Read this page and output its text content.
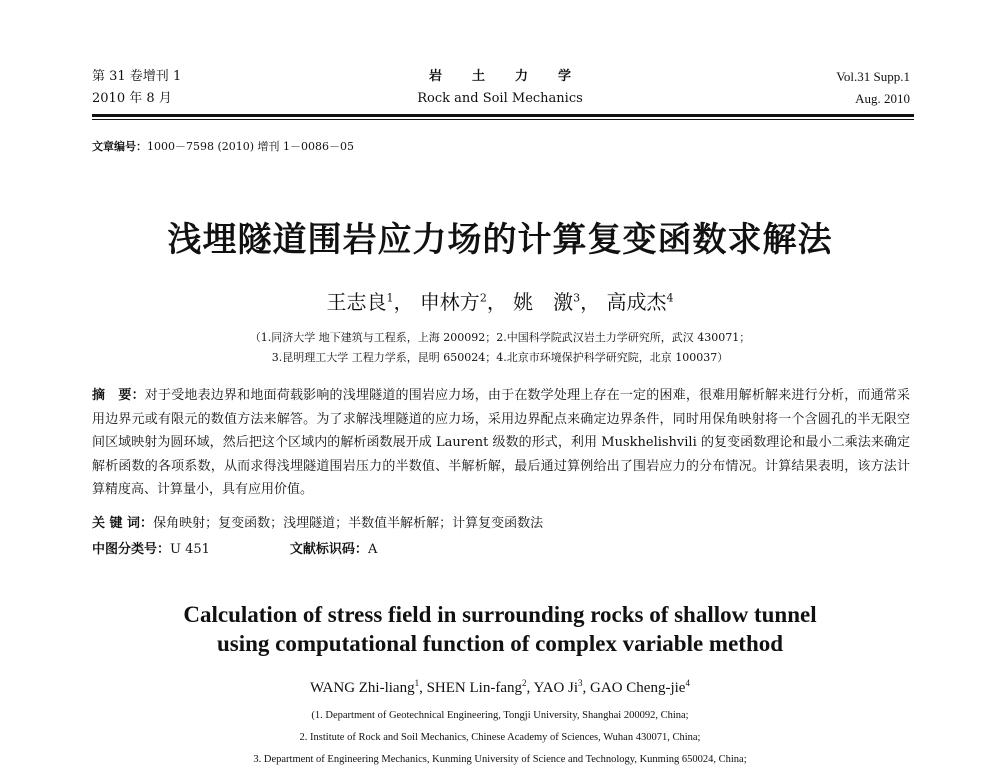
第 31 卷增刊 1
2010 年 8 月
岩土力学
Rock and Soil Mechanics
Vol.31 Supp.1
Aug. 2010
文章编号：1000－7598 (2010) 增刊 1－0086－05
浅埋隧道围岩应力场的计算复变函数求解法
王志良$^1$， 申林方$^2$， 姚　激$^3$， 高成杰$^4$
（1.同济大学 地下建筑与工程系，上海 200092；2.中国科学院武汉岩土力学研究所，武汉 430071；
3.昆明理工大学 工程力学系，昆明 650024；4.北京市环境保护科学研究院，北京 100037）
摘　要：对于受地表边界和地面荷载影响的浅埋隧道的围岩应力场，由于在数学处理上存在一定的困难，很难用解析解来进行分析，而通常采用边界元或有限元的数值方法来解答。为了求解浅埋隧道的应力场，采用边界配点来确定边界条件，同时用保角映射将一个含圆孔的半无限空间区域映射为圆环域，然后把这个区域内的解析函数展开成 Laurent 级数的形式，利用 Muskhelishvili 的复变函数理论和最小二乘法来确定解析函数的各项系数，从而求得浅埋隧道围岩压力的半数值、半解析解，最后通过算例给出了围岩应力的分布情况。计算结果表明，该方法计算精度高、计算量小，具有应用价值。
关 键 词：保角映射；复变函数；浅埋隧道；半数值半解析解；计算复变函数法
中图分类号：U 451	文献标识码：A
Calculation of stress field in surrounding rocks of shallow tunnel
using computational function of complex variable method
WANG Zhi-liang$^1$, SHEN Lin-fang$^2$, YAO Ji$^3$, GAO Cheng-jie$^4$
(1. Department of Geotechnical Engineering, Tongji University, Shanghai 200092, China;
2. Institute of Rock and Soil Mechanics, Chinese Academy of Sciences, Wuhan 430071, China;
3. Department of Engineering Mechanics, Kunming University of Science and Technology, Kunming 650024, China;
